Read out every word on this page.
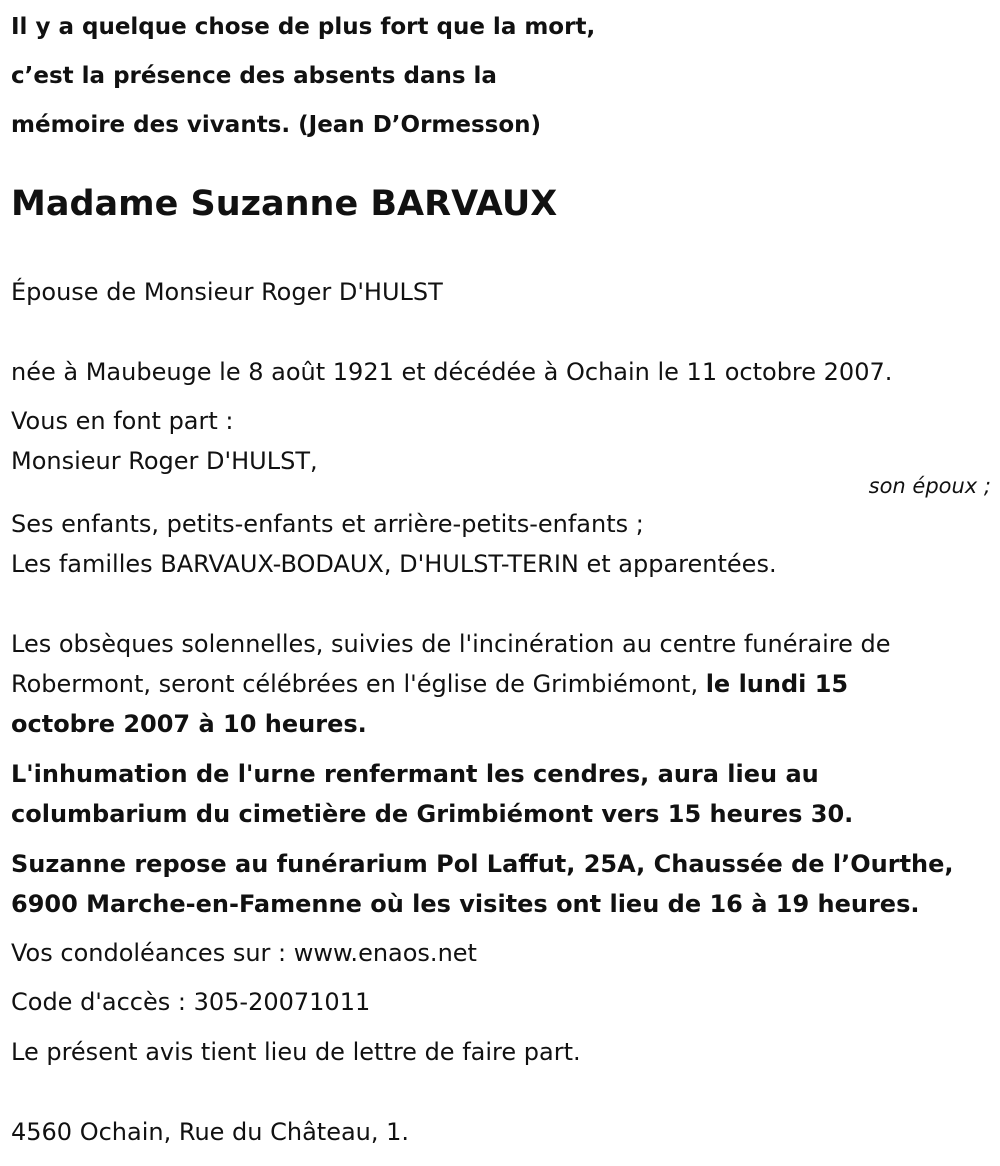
Il y a quelque chose de plus fort que la mort,
c’est la présence des absents dans la
mémoire des vivants. (Jean D’Ormesson)
Madame Suzanne BARVAUX
Épouse de Monsieur Roger D'HULST
née à Maubeuge le 8 août 1921 et décédée à Ochain le 11 octobre 2007.
Vous en font part :
Monsieur Roger D'HULST,
son époux ;
Ses enfants, petits-enfants et arrière-petits-enfants ;
Les familles BARVAUX-BODAUX, D'HULST-TERIN et apparentées.
Les obsèques solennelles, suivies de l'incinération au centre funéraire de
Robermont, seront célébrées en l'église de Grimbiémont, le lundi 15
octobre 2007 à 10 heures.
L'inhumation de l'urne renfermant les cendres, aura lieu au
columbarium du cimetière de Grimbiémont vers 15 heures 30.
Suzanne repose au funérarium Pol Laffut, 25A, Chaussée de l’Ourthe,
6900 Marche-en-Famenne où les visites ont lieu de 16 à 19 heures.
Vos condoléances sur : www.enaos.net
Code d'accès : 305-20071011
Le présent avis tient lieu de lettre de faire part.
4560 Ochain, Rue du Château, 1.
